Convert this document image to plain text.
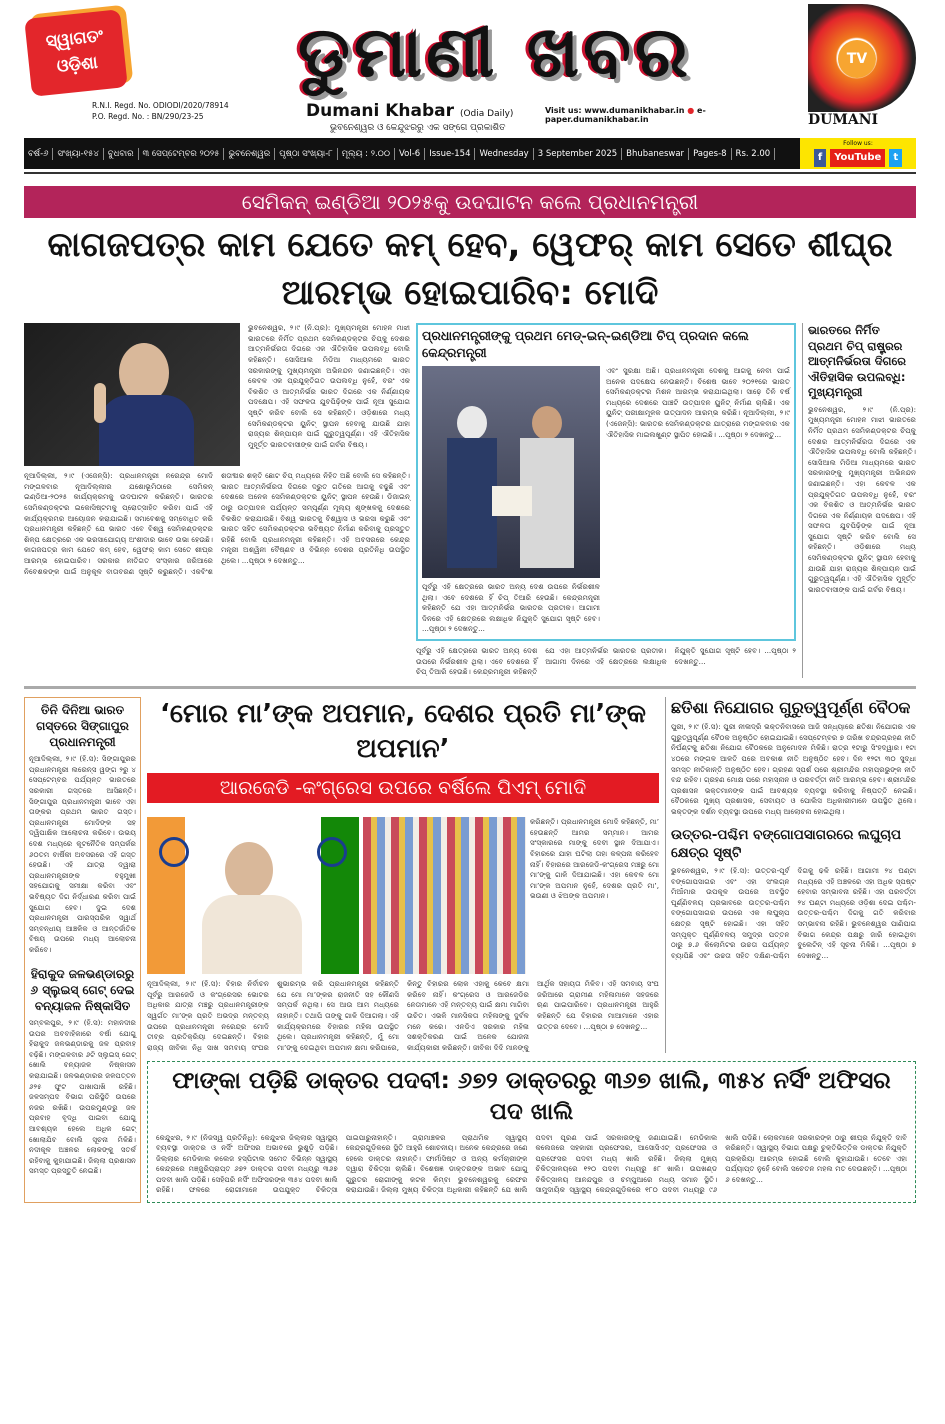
ସ୍ୱାଗତଂ ଓଡ଼ିଶା	ଡୁମାଣୀ ଖବର
R.N.I. Regd. No. ODIODI/2020/78914
P.O. Regd. No. : BN/290/23-25	Dumani Khabar (Odia Daily)	Visit us: www.dumanikhabar.in ● e-paper.dumanikhabar.in
ଭୁବନେଶ୍ୱର ଓ କେନ୍ଦୁଝରରୁ ଏକ ସଙ୍ଗେ ପ୍ରକାଶିତ
TV
DUMANI
ବର୍ଷ-୬	ସଂଖ୍ୟା-୧୫୪	ବୁଧବାର	୩ ସେପ୍ଟେମ୍ବର ୨୦୨୫	ଭୁବନେଶ୍ୱର	ପୃଷ୍ଠା ସଂଖ୍ୟା-୮	ମୂଲ୍ୟ : ୨.୦୦	Vol-6	Issue-154	Wednesday	3 September 2025	Bhubaneswar	Pages-8	Rs. 2.00
Follow us:
f	YouTube	t
ସେମିକନ୍ ଇଣ୍ଡିଆ ୨୦୨୫କୁ ଉଦଘାଟନ କଲେ ପ୍ରଧାନମନ୍ତ୍ରୀ
କାଗଜପତ୍ର କାମ ଯେତେ କମ୍ ହେବ, ୱେଫର୍ କାମ ସେତେ ଶୀଘ୍ର ଆରମ୍ଭ ହୋଇପାରିବ: ମୋଦି
ଭୁବନେଶ୍ୱର, ୨।୯ (ନି.ପ୍ର): ମୁଖ୍ୟମନ୍ତ୍ରୀ ମୋହନ ମାଝୀ ଭାରତରେ ନିର୍ମିତ ପ୍ରଥମ ସେମିକଣ୍ଡକ୍ଟର ଚିପ୍‌କୁ ଦେଶର ଆତ୍ମନିର୍ଭରତା ଦିଗରେ ଏକ ଐତିହାସିକ ଉପଲବ୍ଧି ବୋଲି କହିଛନ୍ତି। ସୋସିଆଲ ମିଡିଆ ମାଧ୍ୟମରେ ଭାରତ ସରକାରଙ୍କୁ ମୁଖ୍ୟମନ୍ତ୍ରୀ ଅଭିନନ୍ଦନ ଜଣାଇଛନ୍ତି। ଏହା କେବଳ ଏକ ପ୍ରଯୁକ୍ତିଗତ ଉପଲବ୍ଧି ନୁହେଁ, ବରଂ ଏକ ବିକଶିତ ଓ ଆତ୍ମନିର୍ଭର ଭାରତ ଦିଗରେ ଏକ ନିର୍ଣ୍ଣାୟକ ପଦକ୍ଷେପ। ଏହି ସଫଳତା ଯୁବପିଢ଼ିଙ୍କ ପାଇଁ ନୂଆ ସୁଯୋଗ ସୃଷ୍ଟି କରିବ ବୋଲି ସେ କହିଛନ୍ତି। ଓଡ଼ିଶାରେ ମଧ୍ୟ ସେମିକଣ୍ଡକ୍ଟର ୟୁନିଟ୍ ସ୍ଥାପନ ହେବାକୁ ଯାଉଛି ଯାହା ରାଜ୍ୟର ଶିଳ୍ପାୟନ ପାଇଁ ଗୁରୁତ୍ୱପୂର୍ଣ୍ଣ। ଏହି ଐତିହାସିକ ମୁହୂର୍ତ୍ତ ଭାରତବାସୀଙ୍କ ପାଇଁ ଗର୍ବର ବିଷୟ।
ନୂଆଦିଲ୍ଲୀ, ୨।୯ (ଏଜେନ୍ସି): ପ୍ରଧାନମନ୍ତ୍ରୀ ନରେନ୍ଦ୍ର ମୋଦି ମଙ୍ଗଳବାର ନୂଆଦିଲ୍ଲୀର ଯଶୋଭୂମିଠାରେ ସେମିକନ୍ ଇଣ୍ଡିଆ-୨୦୨୫ କାର୍ଯ୍ୟକ୍ରମକୁ ଉଦଘାଟନ କରିଛନ୍ତି। ଭାରତର ସେମିକଣ୍ଡକ୍ଟର ଇକୋସିଷ୍ଟମକୁ ପ୍ରୋତ୍ସାହିତ କରିବା ପାଇଁ ଏହି କାର୍ଯ୍ୟକ୍ରମର ଆୟୋଜନ କରାଯାଇଛି। ସମାବେଶକୁ ସମ୍ବୋଧିତ କରି ପ୍ରଧାନମନ୍ତ୍ରୀ କହିଛନ୍ତି ଯେ ଭାରତ ଏବେ ବିଶ୍ୱ ସେମିକଣ୍ଡକ୍ଟର ଶିଳ୍ପ କ୍ଷେତ୍ରରେ ଏକ ଭରସାଯୋଗ୍ୟ ଅଂଶୀଦାର ଭାବେ ଉଭା ହେଉଛି। କାଗଜପତ୍ର କାମ ଯେତେ କମ୍ ହେବ, ୱେଫର୍ କାମ ସେତେ ଶୀଘ୍ର ଆରମ୍ଭ ହୋଇପାରିବ। ସରକାର ନୀତିଗତ ସଂସ୍କାର ଜରିଆରେ ନିବେଶକଙ୍କ ପାଇଁ ଅନୁକୂଳ ବାତାବରଣ ସୃଷ୍ଟି କରୁଛନ୍ତି। ଏକବିଂଶ ଶତାବ୍ଦୀର ଶକ୍ତି ଛୋଟ ଚିପ୍ ମଧ୍ୟରେ ନିହିତ ଅଛି ବୋଲି ସେ କହିଛନ୍ତି। ଭାରତ ଆତ୍ମନିର୍ଭରତା ଦିଗରେ ଦ୍ରୁତ ଗତିରେ ଆଗକୁ ବଢୁଛି ଏବଂ ଦେଶରେ ଅନେକ ସେମିକଣ୍ଡକ୍ଟର ୟୁନିଟ୍ ସ୍ଥାପନ ହେଉଛି। ଡିଜାଇନ୍ ଠାରୁ ଉତ୍ପାଦନ ପର୍ଯ୍ୟନ୍ତ ସମ୍ପୂର୍ଣ୍ଣ ମୂଲ୍ୟ ଶୃଙ୍ଖଳକୁ ଦେଶରେ ବିକଶିତ କରାଯାଉଛି। ବିଶ୍ୱ ଭାରତକୁ ବିଶ୍ୱାସ ଓ ଭରସା କରୁଛି ଏବଂ ଭାରତ ସହିତ ସେମିକଣ୍ଡକ୍ଟର ଭବିଷ୍ୟତ ନିର୍ମାଣ କରିବାକୁ ପ୍ରସ୍ତୁତ ରହିଛି ବୋଲି ପ୍ରଧାନମନ୍ତ୍ରୀ କହିଛନ୍ତି। ଏହି ଅବସରରେ କେନ୍ଦ୍ର ମନ୍ତ୍ରୀ ଅଶ୍ୱିନୀ ବୈଷ୍ଣବ ଓ ବିଭିନ୍ନ ଦେଶର ପ୍ରତିନିଧି ଉପସ୍ଥିତ ଥିଲେ। ...ପୃଷ୍ଠା ୨ ଦେଖନ୍ତୁ...
ପ୍ରଧାନମନ୍ତ୍ରୀଙ୍କୁ ପ୍ରଥମ ମେଡ୍-ଇନ୍-ଇଣ୍ଡିଆ ଚିପ୍ ପ୍ରଦାନ କଲେ କେନ୍ଦ୍ରମନ୍ତ୍ରୀ
ପୂର୍ବରୁ ଏହି କ୍ଷେତ୍ରରେ ଭାରତ ଅନ୍ୟ ଦେଶ ଉପରେ ନିର୍ଭରଶୀଳ ଥିଲା। ଏବେ ଦେଶରେ ହିଁ ଚିପ୍ ତିଆରି ହେଉଛି। କେନ୍ଦ୍ରମନ୍ତ୍ରୀ କହିଛନ୍ତି ଯେ ଏହା ଆତ୍ମନିର୍ଭର ଭାରତର ପ୍ରତୀକ। ଆଗାମୀ ଦିନରେ ଏହି କ୍ଷେତ୍ରରେ ଲକ୍ଷାଧିକ ନିଯୁକ୍ତି ସୁଯୋଗ ସୃଷ୍ଟି ହେବ। ...ପୃଷ୍ଠା ୨ ଦେଖନ୍ତୁ...
ଏବଂ ସୁରକ୍ଷା ଅଛି। ପ୍ରଧାନମନ୍ତ୍ରୀ ଦେଶକୁ ଆଗକୁ ନେବା ପାଇଁ ଅନେକ ପଦକ୍ଷେପ ନେଉଛନ୍ତି। ବିଶେଷ ଭାବେ ୨୦୨୧ରେ ଭାରତ ସେମିକଣ୍ଡକ୍ଟର ମିଶନ ଆରମ୍ଭ କରାଯାଇଥିଲା। ସାଢ଼େ ତିନି ବର୍ଷ ମଧ୍ୟରେ ଦେଶରେ ପାଞ୍ଚଟି ଉତ୍ପାଦନ ୟୁନିଟ୍ ନିର୍ମାଣ ଚାଲିଛି। ଏକ ୟୁନିଟ୍ ପରୀକ୍ଷାମୂଳକ ଉତ୍ପାଦନ ଆରମ୍ଭ କରିଛି। ନୂଆଦିଲ୍ଲୀ, ୨।୯ (ଏଜେନ୍ସି): ଭାରତର ସେମିକଣ୍ଡକ୍ଟର ଯାତ୍ରାରେ ମଙ୍ଗଳବାର ଏକ ଐତିହାସିକ ମାଇଲଖୁଣ୍ଟ ସ୍ଥାପିତ ହୋଇଛି। ...ପୃଷ୍ଠା ୨ ଦେଖନ୍ତୁ...
ପୂର୍ବରୁ ଏହି କ୍ଷେତ୍ରରେ ଭାରତ ଅନ୍ୟ ଦେଶ ଉପରେ ନିର୍ଭରଶୀଳ ଥିଲା। ଏବେ ଦେଶରେ ହିଁ ଚିପ୍ ତିଆରି ହେଉଛି। କେନ୍ଦ୍ରମନ୍ତ୍ରୀ କହିଛନ୍ତି ଯେ ଏହା ଆତ୍ମନିର୍ଭର ଭାରତର ପ୍ରତୀକ। ଆଗାମୀ ଦିନରେ ଏହି କ୍ଷେତ୍ରରେ ଲକ୍ଷାଧିକ ନିଯୁକ୍ତି ସୁଯୋଗ ସୃଷ୍ଟି ହେବ। ...ପୃଷ୍ଠା ୨ ଦେଖନ୍ତୁ...
ଭାରତରେ ନିର୍ମିତ ପ୍ରଥମ ଚିପ୍ ରାଷ୍ଟ୍ରର ଆତ୍ମନିର୍ଭରତା ଦିଗରେ ଐତିହାସିକ ଉପଲବ୍ଧି: ମୁଖ୍ୟମନ୍ତ୍ରୀ
ଭୁବନେଶ୍ୱର, ୨।୯ (ନି.ପ୍ର): ମୁଖ୍ୟମନ୍ତ୍ରୀ ମୋହନ ମାଝୀ ଭାରତରେ ନିର୍ମିତ ପ୍ରଥମ ସେମିକଣ୍ଡକ୍ଟର ଚିପ୍‌କୁ ଦେଶର ଆତ୍ମନିର୍ଭରତା ଦିଗରେ ଏକ ଐତିହାସିକ ଉପଲବ୍ଧି ବୋଲି କହିଛନ୍ତି। ସୋସିଆଲ ମିଡିଆ ମାଧ୍ୟମରେ ଭାରତ ସରକାରଙ୍କୁ ମୁଖ୍ୟମନ୍ତ୍ରୀ ଅଭିନନ୍ଦନ ଜଣାଇଛନ୍ତି। ଏହା କେବଳ ଏକ ପ୍ରଯୁକ୍ତିଗତ ଉପଲବ୍ଧି ନୁହେଁ, ବରଂ ଏକ ବିକଶିତ ଓ ଆତ୍ମନିର୍ଭର ଭାରତ ଦିଗରେ ଏକ ନିର୍ଣ୍ଣାୟକ ପଦକ୍ଷେପ। ଏହି ସଫଳତା ଯୁବପିଢ଼ିଙ୍କ ପାଇଁ ନୂଆ ସୁଯୋଗ ସୃଷ୍ଟି କରିବ ବୋଲି ସେ କହିଛନ୍ତି। ଓଡ଼ିଶାରେ ମଧ୍ୟ ସେମିକଣ୍ଡକ୍ଟର ୟୁନିଟ୍ ସ୍ଥାପନ ହେବାକୁ ଯାଉଛି ଯାହା ରାଜ୍ୟର ଶିଳ୍ପାୟନ ପାଇଁ ଗୁରୁତ୍ୱପୂର୍ଣ୍ଣ। ଏହି ଐତିହାସିକ ମୁହୂର୍ତ୍ତ ଭାରତବାସୀଙ୍କ ପାଇଁ ଗର୍ବର ବିଷୟ।
ତିନି ଦିନିଆ ଭାରତ ଗସ୍ତରେ ସିଙ୍ଗାପୁର ପ୍ରଧାନମନ୍ତ୍ରୀ
ନୂଆଦିଲ୍ଲୀ, ୨।୯ (ହି.ସ): ସିଙ୍ଗାପୁରର ପ୍ରଧାନମନ୍ତ୍ରୀ ଲରେନ୍ସ ୱଙ୍ଗ ୨ରୁ ୪ ସେପ୍ଟେମ୍ବର ପର୍ଯ୍ୟନ୍ତ ଭାରତରେ ସରକାରୀ ଗସ୍ତରେ ଆସିଛନ୍ତି। ସିଙ୍ଗାପୁର ପ୍ରଧାନମନ୍ତ୍ରୀ ଭାବେ ଏହା ତାଙ୍କର ପ୍ରଥମ ଭାରତ ଗସ୍ତ। ପ୍ରଧାନମନ୍ତ୍ରୀ ମୋଦିଙ୍କ ସହ ଦ୍ୱିପାକ୍ଷିକ ଆଲୋଚନା କରିବେ। ଉଭୟ ଦେଶ ମଧ୍ୟରେ କୂଟନୈତିକ ସମ୍ପର୍କର ୬୦ତମ ବାର୍ଷିକୀ ଅବସରରେ ଏହି ଗସ୍ତ ହେଉଛି। ଏହି ଯାତ୍ରା ଦ୍ୱାରା ପ୍ରଧାନମନ୍ତ୍ରୀଙ୍କ ବହୁମୁଖୀ ସହଯୋଗକୁ ସମୀକ୍ଷା କରିବା ଏବଂ ଭବିଷ୍ୟତ ଦିଗ ନିର୍ଦ୍ଧାରଣ କରିବା ପାଇଁ ସୁଯୋଗ ହେବ। ଦୁଇ ଦେଶ ପ୍ରଧାନମନ୍ତ୍ରୀ ପାରସ୍ପରିକ ସ୍ୱାର୍ଥ ସମ୍ବନ୍ଧୀୟ ଆଞ୍ଚଳିକ ଓ ଆନ୍ତର୍ଜାତିକ ବିଷୟ ଉପରେ ମଧ୍ୟ ଆଲୋଚନା କରିବେ।
ହିରାକୁଦ ଜଳଭଣ୍ଡାରରୁ ୬ ସ୍ଲୁଇସ୍ ଗେଟ୍ ଦେଇ ବନ୍ୟାଜଳ ନିଷ୍କାସିତ
ସମ୍ବଲପୁର, ୨।୯ (ହି.ସ): ମହାନଦୀର ଉପର ଅବବାହିକାରେ ବର୍ଷା ଯୋଗୁ ହିରାକୁଦ ଜଳଭଣ୍ଡାରକୁ ଜଳ ପ୍ରବାହ ବଢ଼ିଛି। ମଙ୍ଗଳବାର ୬ଟି ସ୍ଲୁଇସ୍ ଗେଟ୍ ଖୋଲି ବନ୍ୟାଜଳ ନିଷ୍କାସନ କରାଯାଇଛି। ଜଳଭଣ୍ଡାରର ଜଳପତ୍ତନ ୬୨୫ ଫୁଟ ପାଖାପାଖି ରହିଛି। ଜଳସମ୍ପଦ ବିଭାଗ ପରିସ୍ଥିତି ଉପରେ ନଜର ରଖିଛି। ଉପରମୁଣ୍ଡରୁ ଜଳ ପ୍ରବାହ ବୃଦ୍ଧି ପାଇବା ଯୋଗୁ ଆବଶ୍ୟକ ହେଲେ ଅଧିକ ଗେଟ୍ ଖୋଲାଯିବ ବୋଲି ସୂଚନା ମିଳିଛି। ନଦୀକୂଳ ଅଞ୍ଚଳର ଲୋକଙ୍କୁ ସତର୍କ ରହିବାକୁ କୁହାଯାଇଛି। ଜିଲ୍ଲା ପ୍ରଶାସନ ସମସ୍ତ ପ୍ରସ୍ତୁତି ନେଇଛି।
‘ମୋର ମା’ଙ୍କ ଅପମାନ, ଦେଶର ପ୍ରତି ମା’ଙ୍କ ଅପମାନ’
ଆରଜେଡି -କଂଗ୍ରେସ ଉପରେ ବର୍ଷିଲେ ପିଏମ୍ ମୋଦି
କରିଛନ୍ତି। ପ୍ରଧାନମନ୍ତ୍ରୀ ମୋଦି କହିଛନ୍ତି, ମା’ ହେଉଛନ୍ତି ଆମର ସମ୍ମାନ। ଆମର ସଂସ୍କାରରେ ମାଙ୍କୁ ଦେବୀ ସ୍ଥାନ ଦିଆଯାଏ। ବିହାରରେ ଯାହା ଘଟିଲା ତାହା କଳ୍ପନା କରିହେବ ନାହିଁ। ବିହାରରେ ଆରଜେଡି-କଂଗ୍ରେସ ମଞ୍ଚରୁ ମୋ ମା’ଙ୍କୁ ଗାଳି ଦିଆଯାଇଛି। ଏହା କେବଳ ମୋ ମା’ଙ୍କ ଅପମାନ ନୁହେଁ, ଦେଶର ପ୍ରତି ମା’, ଭଉଣୀ ଓ ଝିଅଙ୍କ ଅପମାନ।
ନୂଆଦିଲ୍ଲୀ, ୨।୯ (ହି.ସ): ବିହାର ନିର୍ବାଚନ ପୂର୍ବରୁ ଆରଜେଡି ଓ କଂଗ୍ରେସର ଭୋଟର ଅଧିକାର ଯାତ୍ରା ମଞ୍ଚରୁ ପ୍ରଧାନମନ୍ତ୍ରୀଙ୍କ ସ୍ୱର୍ଗତ ମା’ଙ୍କ ପ୍ରତି ଅଭଦ୍ର ମନ୍ତବ୍ୟ ଉପରେ ପ୍ରଧାନମନ୍ତ୍ରୀ ନରେନ୍ଦ୍ର ମୋଦି ତୀବ୍ର ପ୍ରତିକ୍ରିୟା ଦେଇଛନ୍ତି। ବିହାର ରାଜ୍ୟ ଜୀବିକା ନିଧି ସାଖ ସମବାୟ ସଂଘର ଶୁଭାରମ୍ଭ କରି ପ୍ରଧାନମନ୍ତ୍ରୀ କହିଛନ୍ତି ଯେ ମୋ ମା’ଙ୍କର ରାଜନୀତି ସହ କୌଣସି ସମ୍ପର୍କ ନଥିଲା। ସେ ଆଉ ଆମ ମଧ୍ୟରେ ନାହାନ୍ତି। ତଥାପି ତାଙ୍କୁ ଗାଳି ଦିଆଗଲା। ଏହି କାର୍ଯ୍ୟକ୍ରମରେ ବିହାରର ମହିଳା ଉପସ୍ଥିତ ଥିଲେ। ପ୍ରଧାନମନ୍ତ୍ରୀ କହିଛନ୍ତି, ମୁଁ ମୋ ମା’ଙ୍କୁ ଦେଇଥିବା ଅପମାନ କ୍ଷମା କରିପାରେ, କିନ୍ତୁ ବିହାରର ଲୋକ ଏହାକୁ କେବେ କ୍ଷମା କରିବେ ନାହିଁ। କଂଗ୍ରେସ ଓ ଆରଜେଡିର ନେତାମାନେ ଏହି ମନ୍ତବ୍ୟ ପାଇଁ କ୍ଷମା ମାଗିବା ଉଚିତ। ଏଭଳି ମାନସିକତା ମହିଳାଙ୍କୁ ଦୁର୍ବଳ ମନେ କରେ। ଏନଡିଏ ସରକାର ମହିଳା ସଶକ୍ତିକରଣ ପାଇଁ ଅନେକ ଯୋଜନା କାର୍ଯ୍ୟକାରୀ କରିଛନ୍ତି। ଜୀବିକା ଦିଦି ମାନଙ୍କୁ ଆର୍ଥିକ ସହାୟତା ମିଳିବ। ଏହି ସମବାୟ ସଂଘ ଜରିଆରେ ଗ୍ରାମୀଣ ମହିଳାମାନେ ସହଜରେ ଋଣ ପାଇପାରିବେ। ପ୍ରଧାନମନ୍ତ୍ରୀ ଆହୁରି କହିଛନ୍ତି ଯେ ବିହାରର ମାଆମାନେ ଏହାର ଉତ୍ତର ଦେବେ। ...ପୃଷ୍ଠା ୭ ଦେଖନ୍ତୁ...
ଛତିଶା ନିଯୋଗର ଗୁରୁତ୍ୱପୂର୍ଣ୍ଣ ବୈଠକ
ପୁରୀ, ୨।୯ (ହି.ସ): ପୁରୀ ନୀଳାଦ୍ରି ଭକ୍ତନିବାସରେ ଆଜି ସନ୍ଧ୍ୟାରେ ଛତିଶା ନିଯୋଗର ଏକ ଗୁରୁତ୍ୱପୂର୍ଣ୍ଣ ବୈଠକ ଅନୁଷ୍ଠିତ ହୋଇଯାଇଛି। ସେପ୍ଟେମ୍ବର ୭ ତାରିଖ ଚନ୍ଦ୍ରଗ୍ରହଣ ନୀତି ନିର୍ଘଣ୍ଟକୁ ଛତିଶା ନିଯୋଗ ବୈଠକରେ ଅନୁମୋଦନ ମିଳିଛି। ରାତ୍ର ୧ଟାରୁ ସିଂହଦ୍ୱାର। ୧ଟା ୪୦ରେ ମଙ୍ଗଳ ଆଳତି ପରେ ଅବକାଶ ନୀତି ଅନୁଷ୍ଠିତ ହେବ। ଦିନ ୧୨ଟା ୩୦ ସୁଦ୍ଧା ସମସ୍ତ ନୀତିକାନ୍ତି ଅନୁଷ୍ଠିତ ହେବ। ଗ୍ରହଣ ସ୍ପର୍ଶ ପରେ ଶ୍ରୀମନ୍ଦିର ମହାପ୍ରଭୁଙ୍କ ନୀତି ବନ୍ଦ ରହିବ। ଗ୍ରହଣ ମୋକ୍ଷ ପରେ ମହାସ୍ନାନ ଓ ପରବର୍ତ୍ତୀ ନୀତି ଆରମ୍ଭ ହେବ। ଶ୍ରୀମନ୍ଦିର ପ୍ରଶାସନ ଭକ୍ତମାନଙ୍କ ପାଇଁ ଆବଶ୍ୟକ ବ୍ୟବସ୍ଥା କରିବାକୁ ନିଷ୍ପତ୍ତି ନେଇଛି। ବୈଠକରେ ମୁଖ୍ୟ ପ୍ରଶାସକ, ସେବାୟତ ଓ ପୋଲିସ ଅଧିକାରୀମାନେ ଉପସ୍ଥିତ ଥିଲେ। ଭକ୍ତଙ୍କ ଦର୍ଶନ ବ୍ୟବସ୍ଥା ଉପରେ ମଧ୍ୟ ଆଲୋଚନା ହୋଇଥିଲା।
ଉତ୍ତର-ପଶ୍ଚିମ ବଙ୍ଗୋପସାଗରରେ ଲଘୁଚାପ କ୍ଷେତ୍ର ସୃଷ୍ଟି
ଭୁବନେଶ୍ୱର, ୨।୯ (ହି.ସ): ଉତ୍ତର-ପୂର୍ବ ବଙ୍ଗୋପସାଗର ଏବଂ ଏହା ସଂଲଗ୍ନ ମିଆଁମାର ଉପକୂଳ ଉପରେ ଅବସ୍ଥିତ ଘୂର୍ଣ୍ଣିବଳୟ ପ୍ରଭାବରେ ଉତ୍ତର-ପଶ୍ଚିମ ବଙ୍ଗୋପସାଗର ଉପରେ ଏକ ଲଘୁଚାପ କ୍ଷେତ୍ର ସୃଷ୍ଟି ହୋଇଛି। ଏହା ସହିତ ସମ୍ପୃକ୍ତ ଘୂର୍ଣ୍ଣିବଳୟ ସମୁଦ୍ର ପତ୍ତନ ଠାରୁ ୭.୬ କିଲୋମିଟର ଉଚ୍ଚତା ପର୍ଯ୍ୟନ୍ତ ବ୍ୟାପିଛି ଏବଂ ଉଚ୍ଚତା ସହିତ ଦକ୍ଷିଣ-ପଶ୍ଚିମ ଦିଗକୁ ଢଳି ରହିଛି। ଆଗାମୀ ୨୪ ଘଣ୍ଟା ମଧ୍ୟରେ ଏହି ଅଞ୍ଚଳରେ ଏହା ଅଧିକ ସ୍ପଷ୍ଟ ହେବାର ସମ୍ଭାବନା ରହିଛି। ଏହା ପରବର୍ତ୍ତୀ ୨୪ ଘଣ୍ଟା ମଧ୍ୟରେ ଓଡ଼ିଶା ଦେଇ ପଶ୍ଚିମ-ଉତ୍ତର-ପଶ୍ଚିମ ଦିଗକୁ ଗତି କରିବାର ସମ୍ଭାବନା ରହିଛି। ଭୁବନେଶ୍ୱର ପାଣିପାଗ ବିଭାଗ କେନ୍ଦ୍ର ପକ୍ଷରୁ ଜାରି ହୋଇଥିବା ବୁଲେଟିନ୍ ଏହି ସୂଚନା ମିଳିଛି। ...ପୃଷ୍ଠା ୭ ଦେଖନ୍ତୁ...
ଫାଙ୍କା ପଡ଼ିଛି ଡାକ୍ତର ପଦବୀ: ୬୭୨ ଡାକ୍ତରରୁ ୩୬୭ ଖାଲି, ୩୫୪ ନର୍ସିଂ ଅଫିସର ପଦ ଖାଲି
କେନ୍ଦୁଝର, ୨।୯ (ନିଜସ୍ୱ ପ୍ରତିନିଧି): କେନ୍ଦୁଝର ଜିଲ୍ଲାର ସ୍ୱାସ୍ଥ୍ୟ ବ୍ୟବସ୍ଥା ଡାକ୍ତର ଓ ନର୍ସିଂ ଅଫିସର ଅଭାବରେ ଭୁଶୁଡ଼ି ପଡ଼ିଛି। ଜିଲ୍ଲାର ମେଡିକାଲ କଲେଜ ହସ୍ପିଟାଲ ସମେତ ବିଭିନ୍ନ ସ୍ୱାସ୍ଥ୍ୟ କେନ୍ଦ୍ରରେ ମଞ୍ଜୁରିପ୍ରାପ୍ତ ୬୭୨ ଡାକ୍ତର ପଦବୀ ମଧ୍ୟରୁ ୩୬୭ ପଦବୀ ଖାଲି ପଡ଼ିଛି। ସେହିପରି ନର୍ସିଂ ଅଫିସରଙ୍କ ୩୫୪ ପଦବୀ ଖାଲି ରହିଛି। ଫଳରେ ରୋଗୀମାନେ ଉପଯୁକ୍ତ ଚିକିତ୍ସା ପାଇପାରୁନାହାନ୍ତି। ଗ୍ରାମାଞ୍ଚଳର ପ୍ରାଥମିକ ସ୍ୱାସ୍ଥ୍ୟ କେନ୍ଦ୍ରଗୁଡ଼ିକରେ ସ୍ଥିତି ଆହୁରି ଶୋଚନୀୟ। ଅନେକ କେନ୍ଦ୍ରରେ ଜଣେ ହେଲେ ଡାକ୍ତର ନାହାନ୍ତି। ଫାର୍ମାସିଷ୍ଟ ଓ ଅନ୍ୟ କର୍ମଚାରୀଙ୍କ ଦ୍ୱାରା ଚିକିତ୍ସା ଚାଲିଛି। ବିଶେଷଜ୍ଞ ଡାକ୍ତରଙ୍କ ଅଭାବ ଯୋଗୁ ଗୁରୁତର ରୋଗୀଙ୍କୁ କଟକ କିମ୍ବା ଭୁବନେଶ୍ୱରକୁ ରେଫର କରାଯାଉଛି। ଜିଲ୍ଲା ମୁଖ୍ୟ ଚିକିତ୍ସା ଅଧିକାରୀ କହିଛନ୍ତି ଯେ ଖାଲି ପଦବୀ ପୂରଣ ପାଇଁ ସରକାରଙ୍କୁ ଜଣାଯାଇଛି। ମେଡିକାଲ କଲେଜରେ ସହକାରୀ ପ୍ରଫେସର, ଆସୋସିଏଟ୍ ପ୍ରଫେସର ଓ ପ୍ରଫେସର ପଦବୀ ମଧ୍ୟ ଖାଲି ରହିଛି। ଜିଲ୍ଲା ମୁଖ୍ୟ ଚିକିତ୍ସାଳୟରେ ୧୨୦ ପଦବୀ ମଧ୍ୟରୁ ୫୮ ଖାଲି। ଉପଖଣ୍ଡ ଚିକିତ୍ସାଳୟ ଆନନ୍ଦପୁର ଓ ଚମ୍ପୁଆରେ ମଧ୍ୟ ସମାନ ସ୍ଥିତି। ସାମୁଦାୟିକ ସ୍ୱାସ୍ଥ୍ୟ କେନ୍ଦ୍ରଗୁଡ଼ିକରେ ୧୮୦ ପଦବୀ ମଧ୍ୟରୁ ୯୬ ଖାଲି ପଡ଼ିଛି। ଲୋକମାନେ ସରକାରଙ୍କ ଠାରୁ ଶୀଘ୍ର ନିଯୁକ୍ତି ଦାବି କରିଛନ୍ତି। ସ୍ୱାସ୍ଥ୍ୟ ବିଭାଗ ପକ୍ଷରୁ ଚୁକ୍ତିଭିତ୍ତିକ ଡାକ୍ତର ନିଯୁକ୍ତି ପ୍ରକ୍ରିୟା ଆରମ୍ଭ ହୋଇଛି ବୋଲି କୁହାଯାଉଛି। ତେବେ ଏହା ପର୍ଯ୍ୟାପ୍ତ ନୁହେଁ ବୋଲି ସଚେତନ ମହଲ ମତ ଦେଉଛନ୍ତି। ...ପୃଷ୍ଠା ୬ ଦେଖନ୍ତୁ...
